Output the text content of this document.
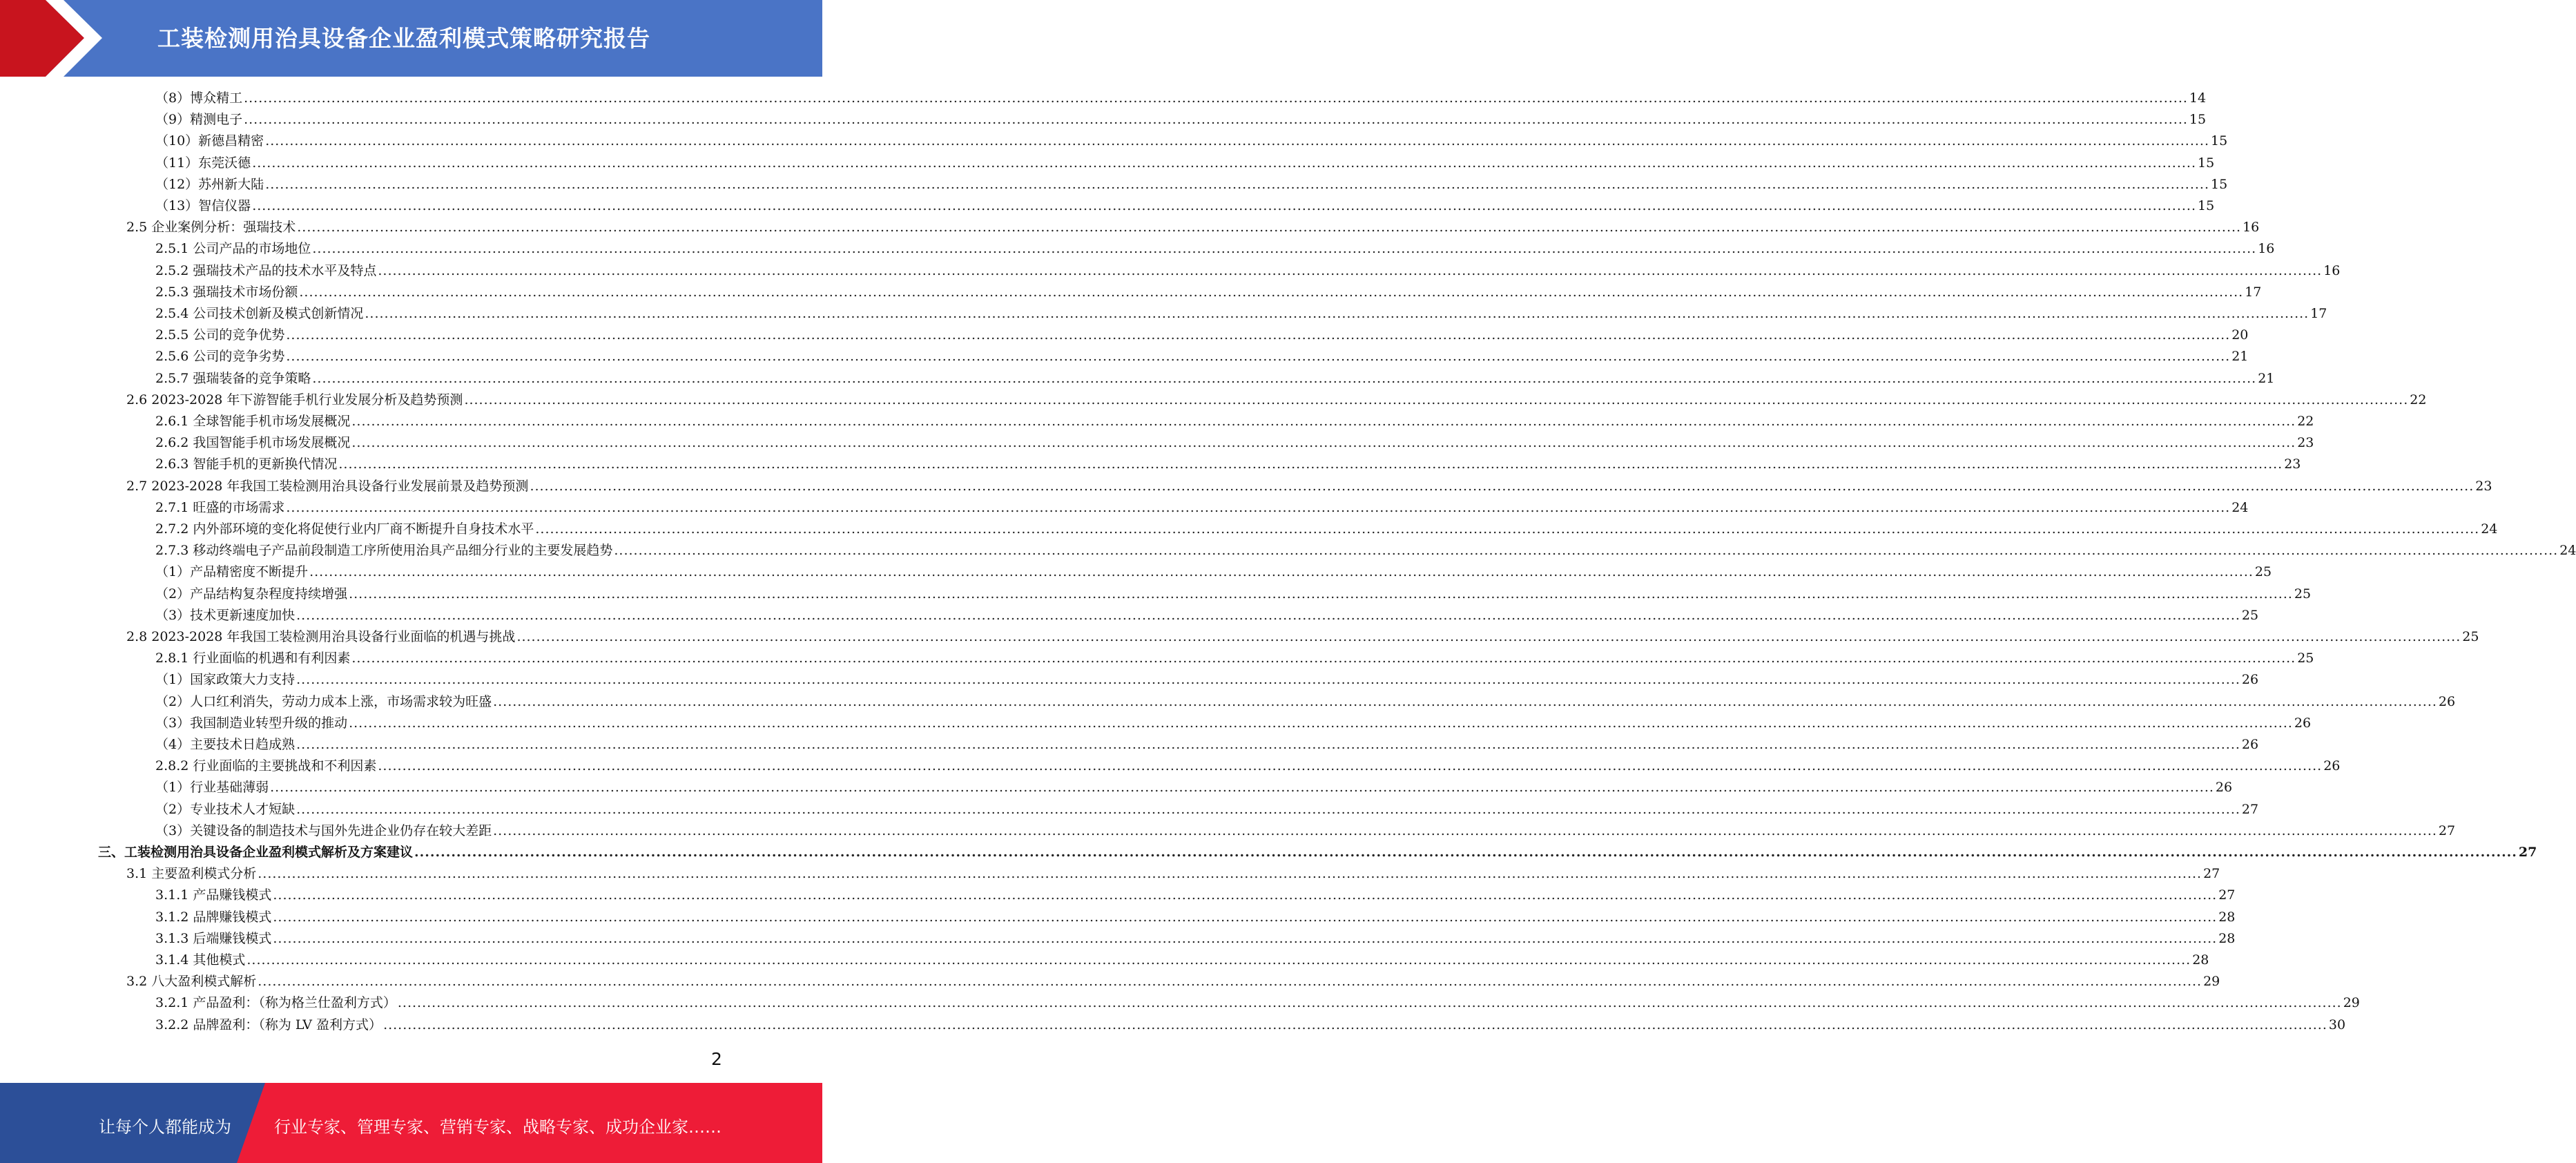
工装检测用治具设备企业盈利模式策略研究报告
（8）博众精工 ................................................................................................................................................................................................................................................................................................................................................................................................................ 14
（9）精测电子 ................................................................................................................................................................................................................................................................................................................................................................................................................ 15
（10）新德昌精密 ................................................................................................................................................................................................................................................................................................................................................................................................................ 15
（11）东莞沃德 ................................................................................................................................................................................................................................................................................................................................................................................................................ 15
（12）苏州新大陆 ................................................................................................................................................................................................................................................................................................................................................................................................................ 15
（13）智信仪器 ................................................................................................................................................................................................................................................................................................................................................................................................................ 15
2.5 企业案例分析：强瑞技术 ................................................................................................................................................................................................................................................................................................................................................................................................................ 16
2.5.1 公司产品的市场地位 ................................................................................................................................................................................................................................................................................................................................................................................................................ 16
2.5.2 强瑞技术产品的技术水平及特点 ................................................................................................................................................................................................................................................................................................................................................................................................................ 16
2.5.3 强瑞技术市场份额 ................................................................................................................................................................................................................................................................................................................................................................................................................ 17
2.5.4 公司技术创新及模式创新情况 ................................................................................................................................................................................................................................................................................................................................................................................................................ 17
2.5.5 公司的竞争优势 ................................................................................................................................................................................................................................................................................................................................................................................................................ 20
2.5.6 公司的竞争劣势 ................................................................................................................................................................................................................................................................................................................................................................................................................ 21
2.5.7 强瑞装备的竞争策略 ................................................................................................................................................................................................................................................................................................................................................................................................................ 21
2.6 2023-2028 年下游智能手机行业发展分析及趋势预测 ................................................................................................................................................................................................................................................................................................................................................................................................................ 22
2.6.1 全球智能手机市场发展概况 ................................................................................................................................................................................................................................................................................................................................................................................................................ 22
2.6.2 我国智能手机市场发展概况 ................................................................................................................................................................................................................................................................................................................................................................................................................ 23
2.6.3 智能手机的更新换代情况 ................................................................................................................................................................................................................................................................................................................................................................................................................ 23
2.7 2023-2028 年我国工装检测用治具设备行业发展前景及趋势预测 ................................................................................................................................................................................................................................................................................................................................................................................................................ 23
2.7.1 旺盛的市场需求 ................................................................................................................................................................................................................................................................................................................................................................................................................ 24
2.7.2 内外部环境的变化将促使行业内厂商不断提升自身技术水平 ................................................................................................................................................................................................................................................................................................................................................................................................................ 24
2.7.3 移动终端电子产品前段制造工序所使用治具产品细分行业的主要发展趋势 ................................................................................................................................................................................................................................................................................................................................................................................................................ 24
（1）产品精密度不断提升 ................................................................................................................................................................................................................................................................................................................................................................................................................ 25
（2）产品结构复杂程度持续增强 ................................................................................................................................................................................................................................................................................................................................................................................................................ 25
（3）技术更新速度加快 ................................................................................................................................................................................................................................................................................................................................................................................................................ 25
2.8 2023-2028 年我国工装检测用治具设备行业面临的机遇与挑战 ................................................................................................................................................................................................................................................................................................................................................................................................................ 25
2.8.1 行业面临的机遇和有利因素 ................................................................................................................................................................................................................................................................................................................................................................................................................ 25
（1）国家政策大力支持 ................................................................................................................................................................................................................................................................................................................................................................................................................ 26
（2）人口红利消失，劳动力成本上涨，市场需求较为旺盛 ................................................................................................................................................................................................................................................................................................................................................................................................................ 26
（3）我国制造业转型升级的推动 ................................................................................................................................................................................................................................................................................................................................................................................................................ 26
（4）主要技术日趋成熟 ................................................................................................................................................................................................................................................................................................................................................................................................................ 26
2.8.2 行业面临的主要挑战和不利因素 ................................................................................................................................................................................................................................................................................................................................................................................................................ 26
（1）行业基础薄弱 ................................................................................................................................................................................................................................................................................................................................................................................................................ 26
（2）专业技术人才短缺 ................................................................................................................................................................................................................................................................................................................................................................................................................ 27
（3）关键设备的制造技术与国外先进企业仍存在较大差距 ................................................................................................................................................................................................................................................................................................................................................................................................................ 27
三、工装检测用治具设备企业盈利模式解析及方案建议 ................................................................................................................................................................................................................................................................................................................................................................................................................ 27
3.1 主要盈利模式分析 ................................................................................................................................................................................................................................................................................................................................................................................................................ 27
3.1.1 产品赚钱模式 ................................................................................................................................................................................................................................................................................................................................................................................................................ 27
3.1.2 品牌赚钱模式 ................................................................................................................................................................................................................................................................................................................................................................................................................ 28
3.1.3 后端赚钱模式 ................................................................................................................................................................................................................................................................................................................................................................................................................ 28
3.1.4 其他模式 ................................................................................................................................................................................................................................................................................................................................................................................................................ 28
3.2 八大盈利模式解析 ................................................................................................................................................................................................................................................................................................................................................................................................................ 29
3.2.1 产品盈利：（称为格兰仕盈利方式） ................................................................................................................................................................................................................................................................................................................................................................................................................ 29
3.2.2 品牌盈利：（称为 LV 盈利方式） ................................................................................................................................................................................................................................................................................................................................................................................................................ 30
2
让每个人都能成为	行业专家、管理专家、营销专家、战略专家、成功企业家……
